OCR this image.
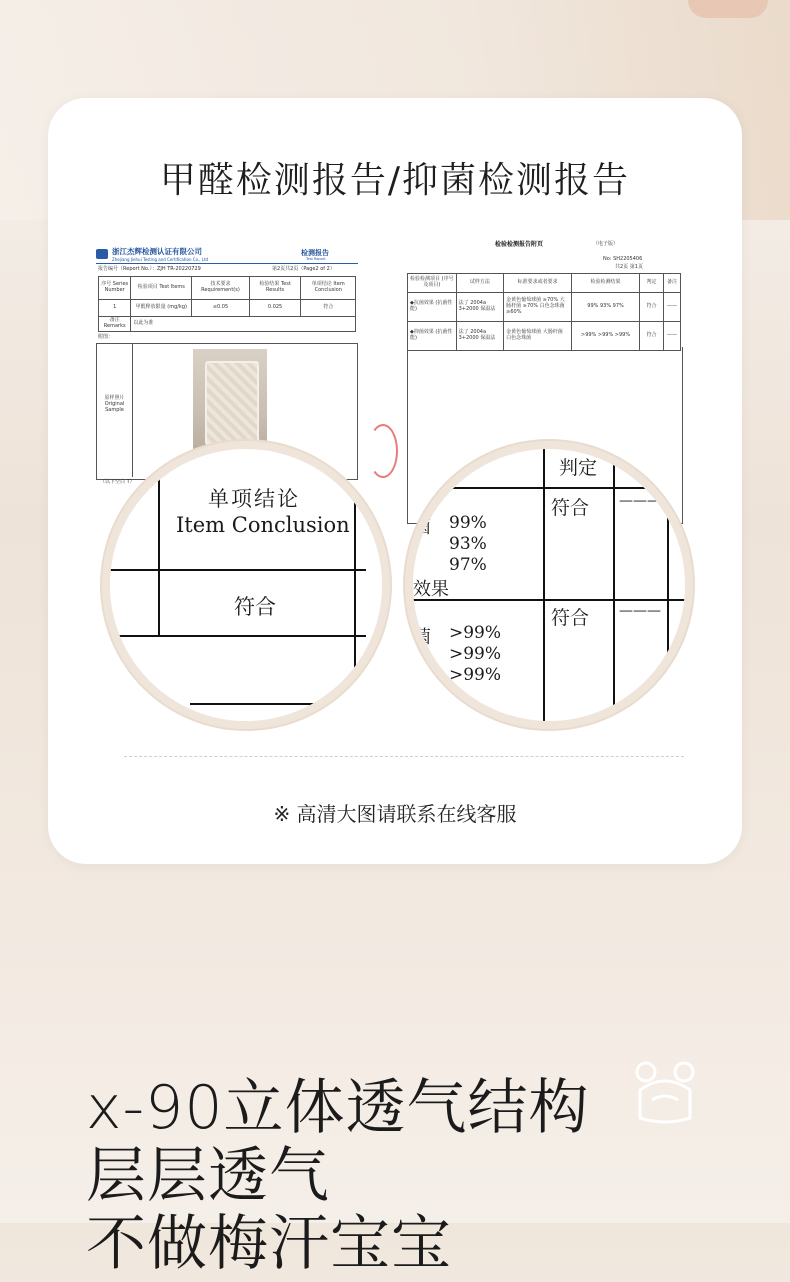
甲醛检测报告/抑菌检测报告
浙江杰辉检测认证有限公司
Zhejiang Jiehui Testing and Certification Co., Ltd
检测报告
Test Report
报告编号（Report No.）：ZJH TR-20220729	第2页共2页（Page2 of 2）
序号 Series Number	检验项目 Test Items	技术要求 Requirement(s)	检验结果 Test Results	单项结论 Item Conclusion
1	甲醛释放限量 (mg/kg)	≤0.05	0.025	符合
备注 Remarks	以此为准			
附图：
原样照片 Original Sample
（以下空白 T）
检验检测报告附页	（电子版）
No: SH2205406
共2页 第1页
检验检测项目 (序号及项目)	试样方法	标准要求或者要求	检验检测结果	判定	备注
◆抗菌效果 (抗菌性能)	法了 2004a 3+2000 保温法	金黄色葡萄球菌 ≥70% 大肠杆菌 ≥70% 白色念珠菌 ≥60%	99% 93% 97%	符合	——
◆抑菌效果 (抗菌性能)	法了 2004a 3+2000 保温法	金黄色葡萄球菌 大肠杆菌 白色念珠菌	>99% >99% >99%	符合	——
单项结论
Item Conclusion
符合
判定
菌 99%
93%
97%
效果
符合 ———
菌 >99%
>99%
>99%
符合 ———
※ 高清大图请联系在线客服
x-90立体透气结构
层层透气
不做梅汗宝宝
